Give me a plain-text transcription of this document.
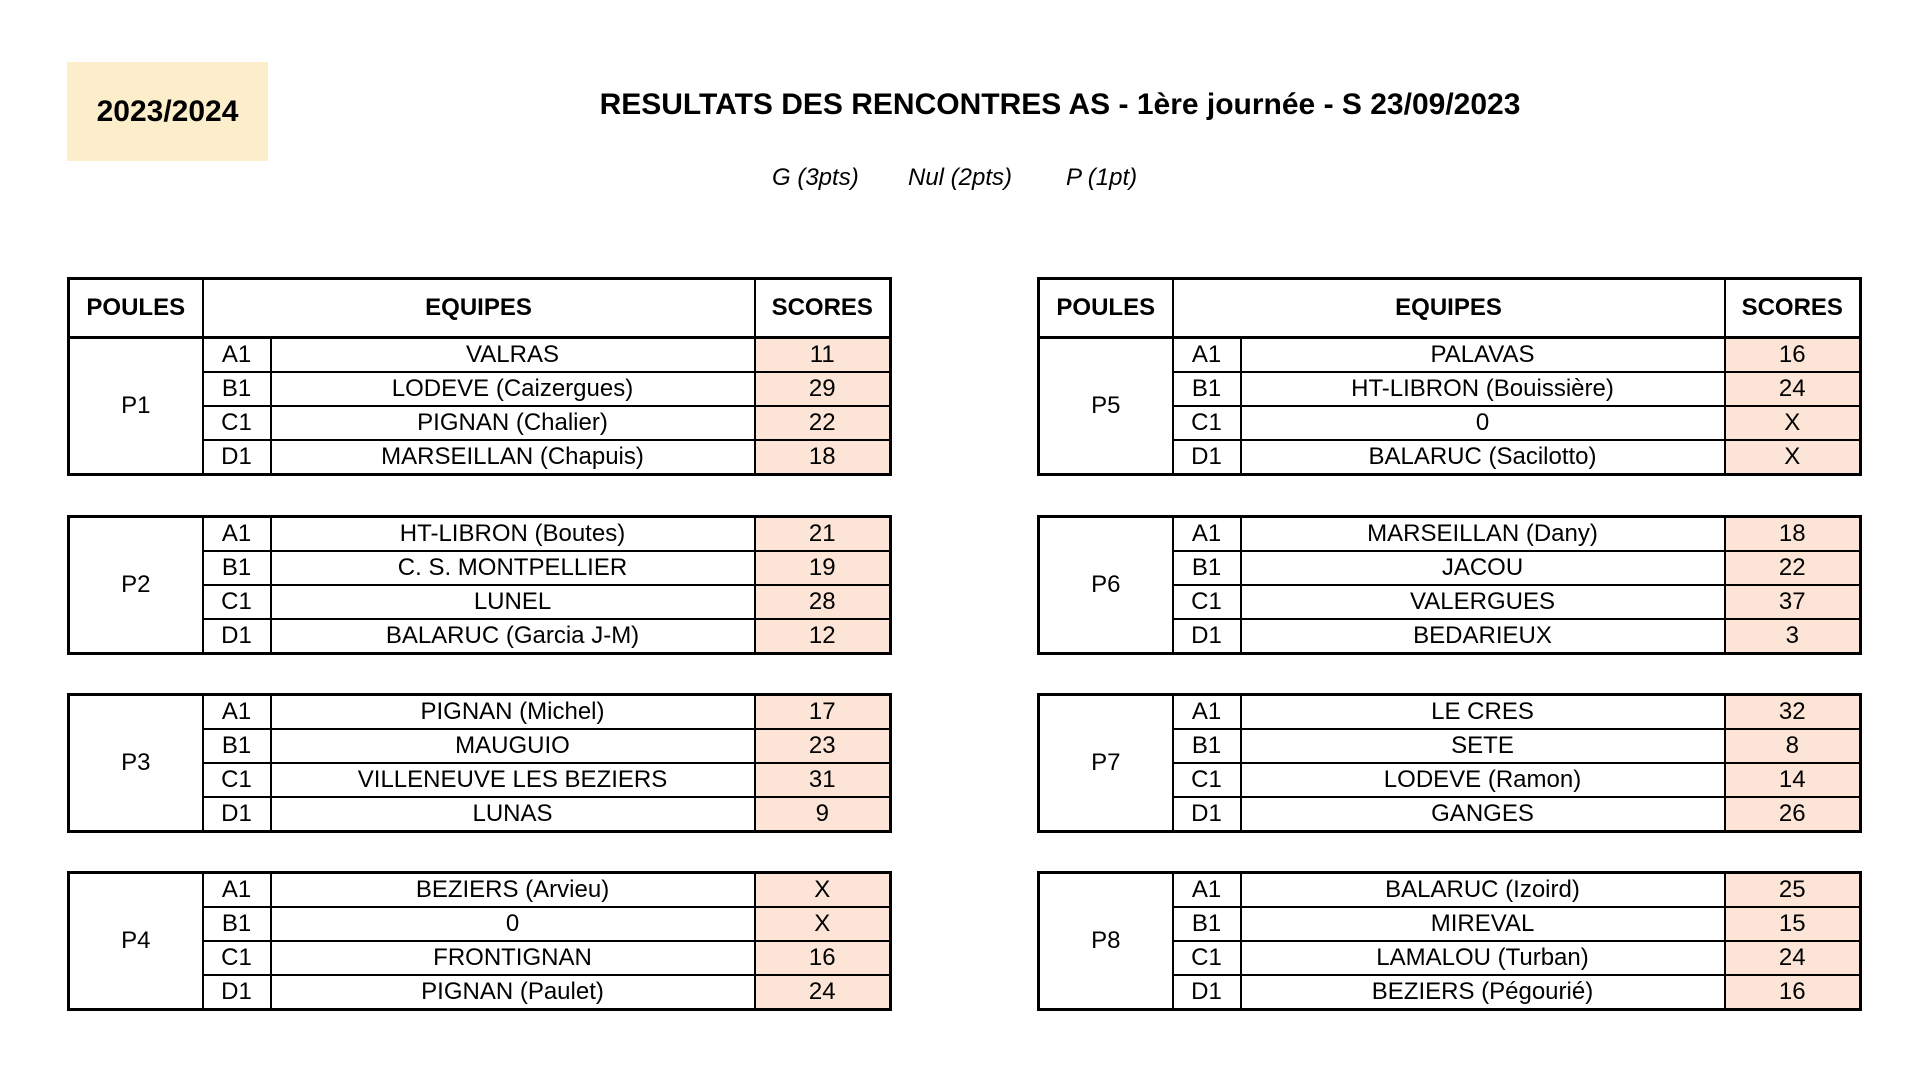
2023/2024	RESULTATS DES RENCONTRES AS - 1ère journée - S 23/09/2023
G (3pts) Nul (2pts) P (1pt)
POULES	EQUIPES	SCORES	POULES	EQUIPES	SCORES
P1	A1	VALRAS	11
	B1	LODEVE (Caizergues)	29
	C1	PIGNAN (Chalier)	22
	D1	MARSEILLAN (Chapuis)	18
P2	A1	HT-LIBRON (Boutes)	21
	B1	C. S. MONTPELLIER	19
	C1	LUNEL	28
	D1	BALARUC (Garcia J-M)	12
P3	A1	PIGNAN (Michel)	17
	B1	MAUGUIO	23
	C1	VILLENEUVE LES BEZIERS	31
	D1	LUNAS	9
P4	A1	BEZIERS (Arvieu)	X
	B1	0	X
	C1	FRONTIGNAN	16
	D1	PIGNAN (Paulet)	24
P5	A1	PALAVAS	16
	B1	HT-LIBRON (Bouissière)	24
	C1	0	X
	D1	BALARUC (Sacilotto)	X
P6	A1	MARSEILLAN (Dany)	18
	B1	JACOU	22
	C1	VALERGUES	37
	D1	BEDARIEUX	3
P7	A1	LE CRES	32
	B1	SETE	8
	C1	LODEVE (Ramon)	14
	D1	GANGES	26
P8	A1	BALARUC (Izoird)	25
	B1	MIREVAL	15
	C1	LAMALOU (Turban)	24
	D1	BEZIERS (Pégourié)	16
